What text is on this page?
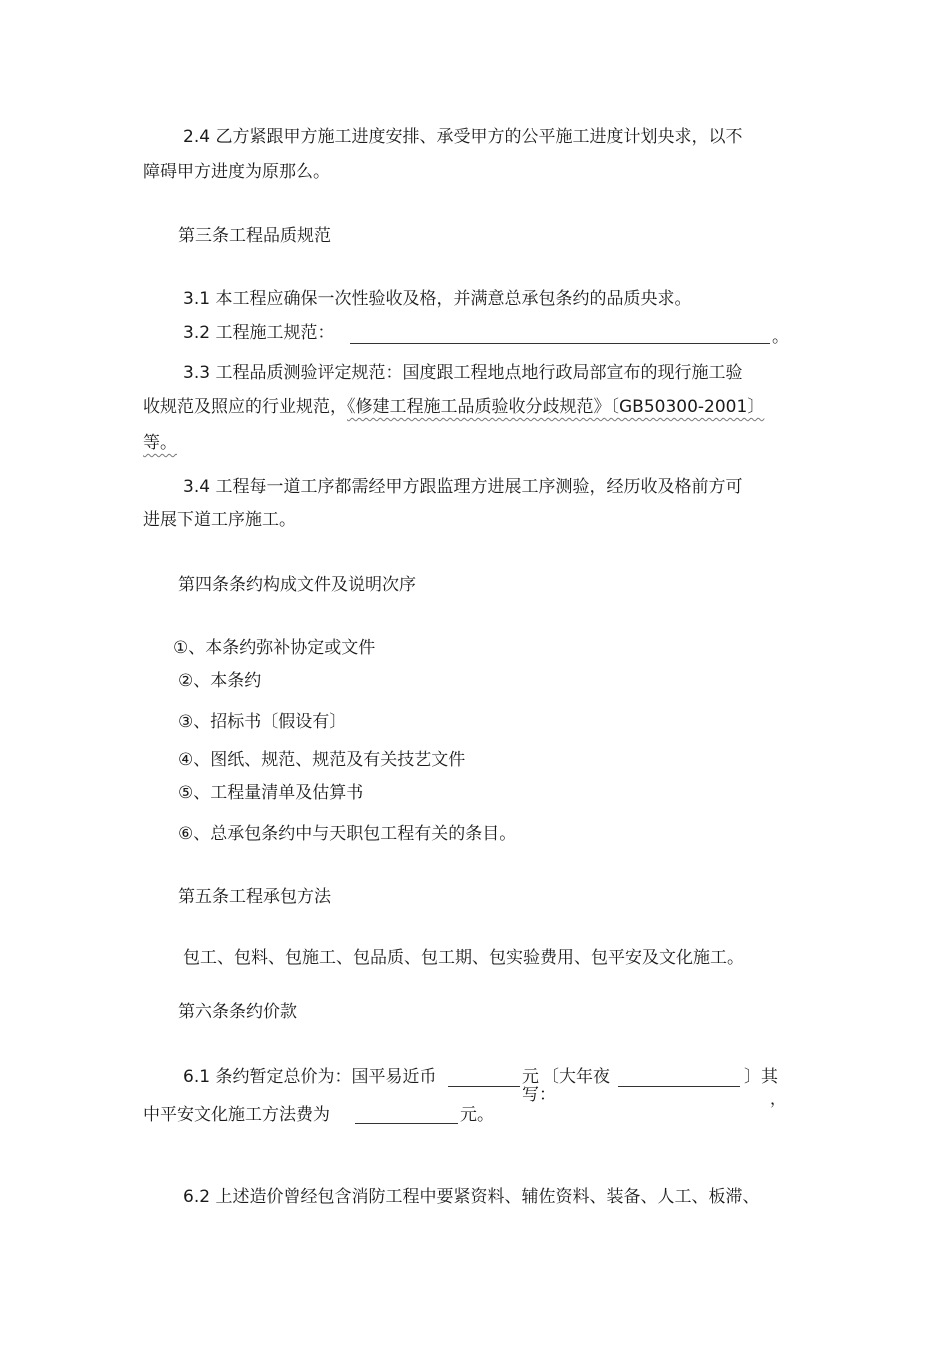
2.4 乙方紧跟甲方施工进度安排、承受甲方的公平施工进度计划央求，以不
障碍甲方进度为原那么。
第三条工程品质规范
3.1 本工程应确保一次性验收及格，并满意总承包条约的品质央求。
3.2 工程施工规范：	。
3.3 工程品质测验评定规范：国度跟工程地点地行政局部宣布的现行施工验
收规范及照应的行业规范，《修建工程施工品质验收分歧规范》〔GB50300-2001〕
等。
3.4 工程每一道工序都需经甲方跟监理方进展工序测验，经历收及格前方可
进展下道工序施工。
第四条条约构成文件及说明次序
①、本条约弥补协定或文件
②、本条约
③、招标书〔假设有〕
④、图纸、规范、规范及有关技艺文件
⑤、工程量清单及估算书
⑥、总承包条约中与天职包工程有关的条目。
第五条工程承包方法
包工、包料、包施工、包品质、包工期、包实验费用、包平安及文化施工。
第六条条约价款
6.1 条约暂定总价为：国平易近币	元
写：
〔大年夜	〕其
，
中平安文化施工方法费为	元。
6.2 上述造价曾经包含消防工程中要紧资料、辅佐资料、装备、人工、板滞、
